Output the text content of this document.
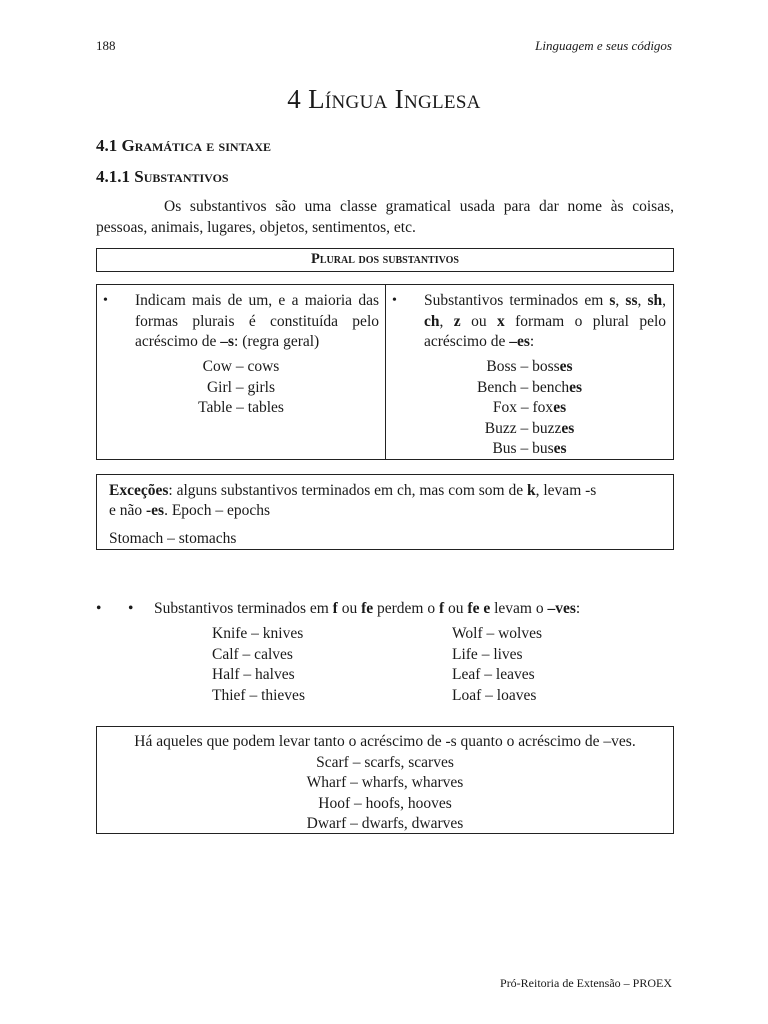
188	Linguagem e seus códigos
4 Língua Inglesa
4.1 Gramática e sintaxe
4.1.1 Substantivos

Os substantivos são uma classe gramatical usada para dar nome às coisas, pessoas, animais, lugares, objetos, sentimentos, etc.

Plural dos substantivos
• Indicam mais de um, e a maioria das formas plurais é constituída pelo acréscimo de –s: (regra geral)
Cow – cows
Girl – girls
Table – tables
• Substantivos terminados em s, ss, sh, ch, z ou x formam o plural pelo acréscimo de –es:
Boss – bosses
Bench – benches
Fox – foxes
Buzz – buzzes
Bus – buses
Exceções: alguns substantivos terminados em ch, mas com som de k, levam -s
e não -es. Epoch – epochs
Stomach – stomachs
• • Substantivos terminados em f ou fe perdem o f ou fe e levam o –ves:
Knife – knives
Calf – calves
Half – halves
Thief – thieves
Wolf – wolves
Life – lives
Leaf – leaves
Loaf – loaves
Há aqueles que podem levar tanto o acréscimo de -s quanto o acréscimo de –ves.
Scarf – scarfs, scarves
Wharf – wharfs, wharves
Hoof – hoofs, hooves
Dwarf – dwarfs, dwarves
Pró-Reitoria de Extensão – PROEX
